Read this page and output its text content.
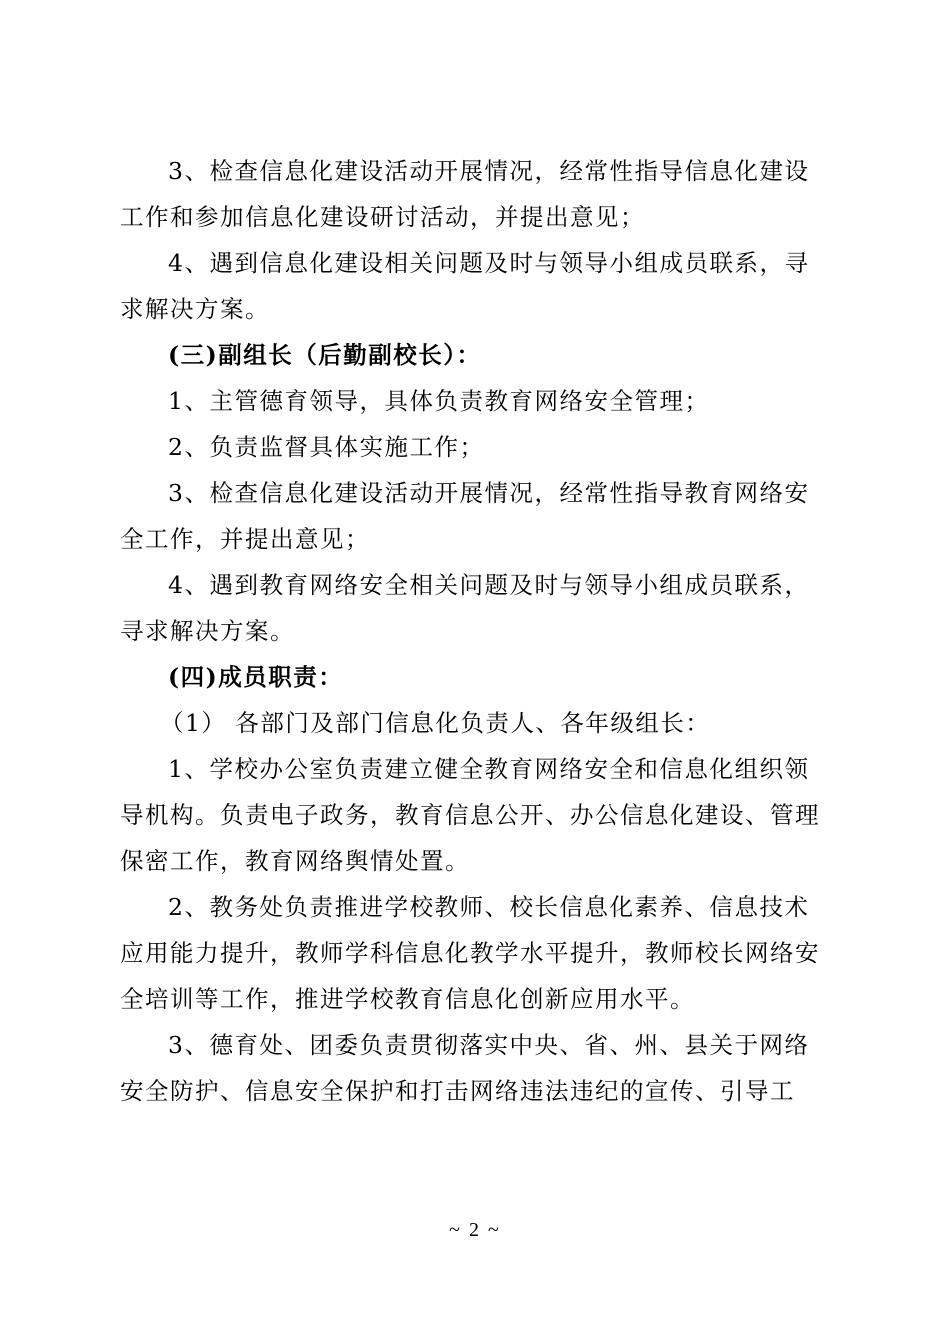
3、检查信息化建设活动开展情况，经常性指导信息化建设
工作和参加信息化建设研讨活动，并提出意见；
4、遇到信息化建设相关问题及时与领导小组成员联系，寻
求解决方案。
(三)副组长（后勤副校长）：
1、主管德育领导，具体负责教育网络安全管理；
2、负责监督具体实施工作；
3、检查信息化建设活动开展情况，经常性指导教育网络安
全工作，并提出意见；
4、遇到教育网络安全相关问题及时与领导小组成员联系，
寻求解决方案。
(四)成员职责：
（1） 各部门及部门信息化负责人、各年级组长：
1、学校办公室负责建立健全教育网络安全和信息化组织领
导机构。负责电子政务，教育信息公开、办公信息化建设、管理
保密工作，教育网络舆情处置。
2、教务处负责推进学校教师、校长信息化素养、信息技术
应用能力提升，教师学科信息化教学水平提升，教师校长网络安
全培训等工作，推进学校教育信息化创新应用水平。
3、德育处、团委负责贯彻落实中央、省、州、县关于网络
安全防护、信息安全保护和打击网络违法违纪的宣传、引导工
~ 2 ~
